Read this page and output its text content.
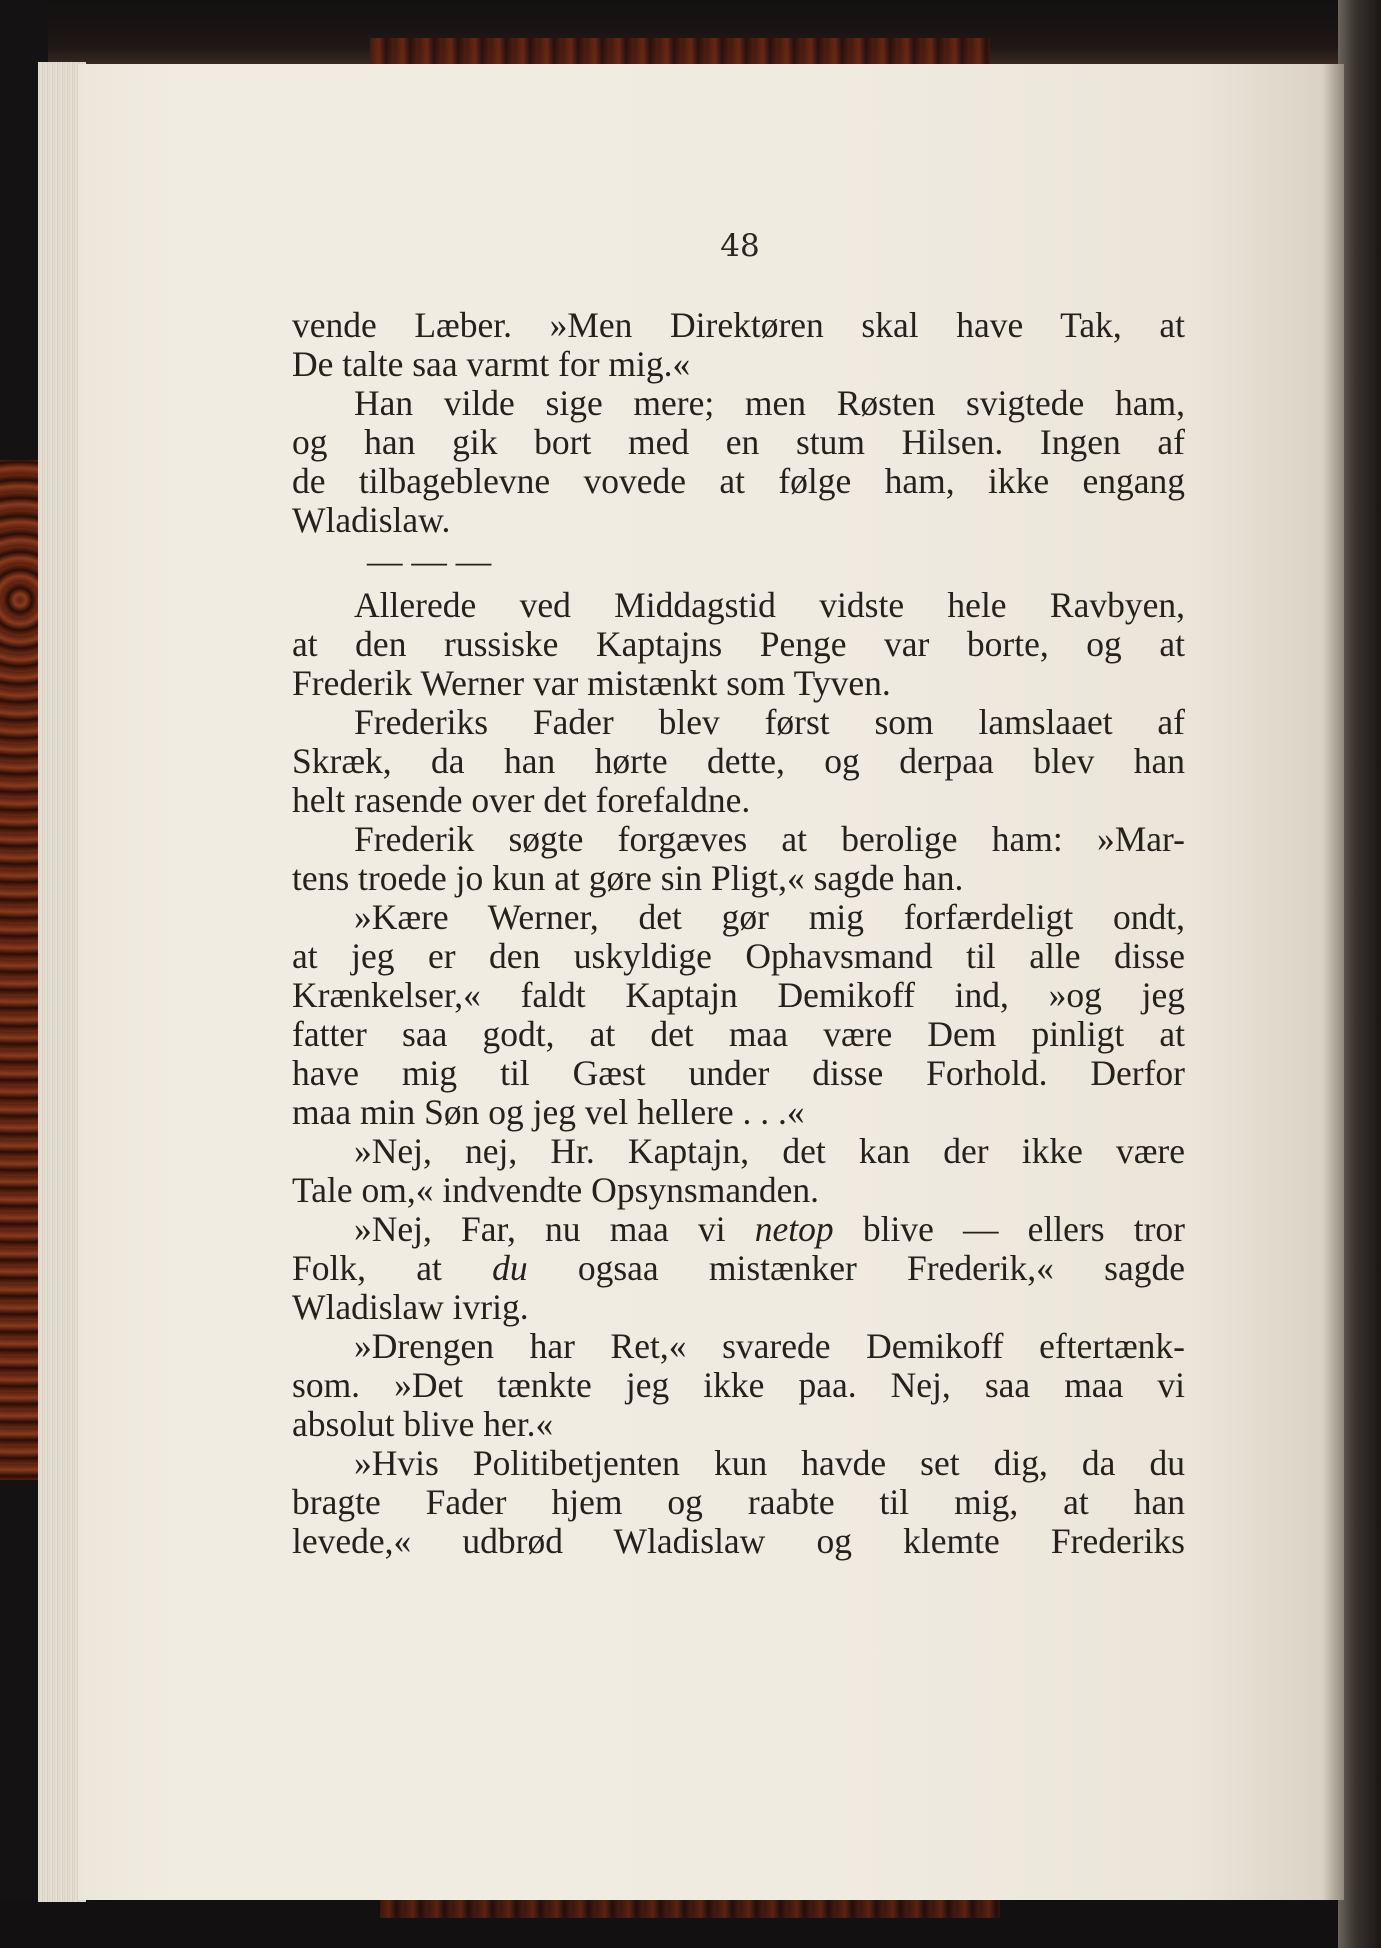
48

vende Læber. »Men Direktøren skal have Tak, at
De talte saa varmt for mig.«
Han vilde sige mere; men Røsten svigtede ham,
og han gik bort med en stum Hilsen. Ingen af
de tilbageblevne vovede at følge ham, ikke engang
Wladislaw.
— — —
Allerede ved Middagstid vidste hele Ravbyen,
at den russiske Kaptajns Penge var borte, og at
Frederik Werner var mistænkt som Tyven.
Frederiks Fader blev først som lamslaaet af
Skræk, da han hørte dette, og derpaa blev han
helt rasende over det forefaldne.
Frederik søgte forgæves at berolige ham: »Mar-
tens troede jo kun at gøre sin Pligt,« sagde han.
»Kære Werner, det gør mig forfærdeligt ondt,
at jeg er den uskyldige Ophavsmand til alle disse
Krænkelser,« faldt Kaptajn Demikoff ind, »og jeg
fatter saa godt, at det maa være Dem pinligt at
have mig til Gæst under disse Forhold. Derfor
maa min Søn og jeg vel hellere . . .«
»Nej, nej, Hr. Kaptajn, det kan der ikke være
Tale om,« indvendte Opsynsmanden.
»Nej, Far, nu maa vi netop blive — ellers tror
Folk, at du ogsaa mistænker Frederik,« sagde
Wladislaw ivrig.
»Drengen har Ret,« svarede Demikoff eftertænk-
som. »Det tænkte jeg ikke paa. Nej, saa maa vi
absolut blive her.«
»Hvis Politibetjenten kun havde set dig, da du
bragte Fader hjem og raabte til mig, at han
levede,« udbrød Wladislaw og klemte Frederiks
